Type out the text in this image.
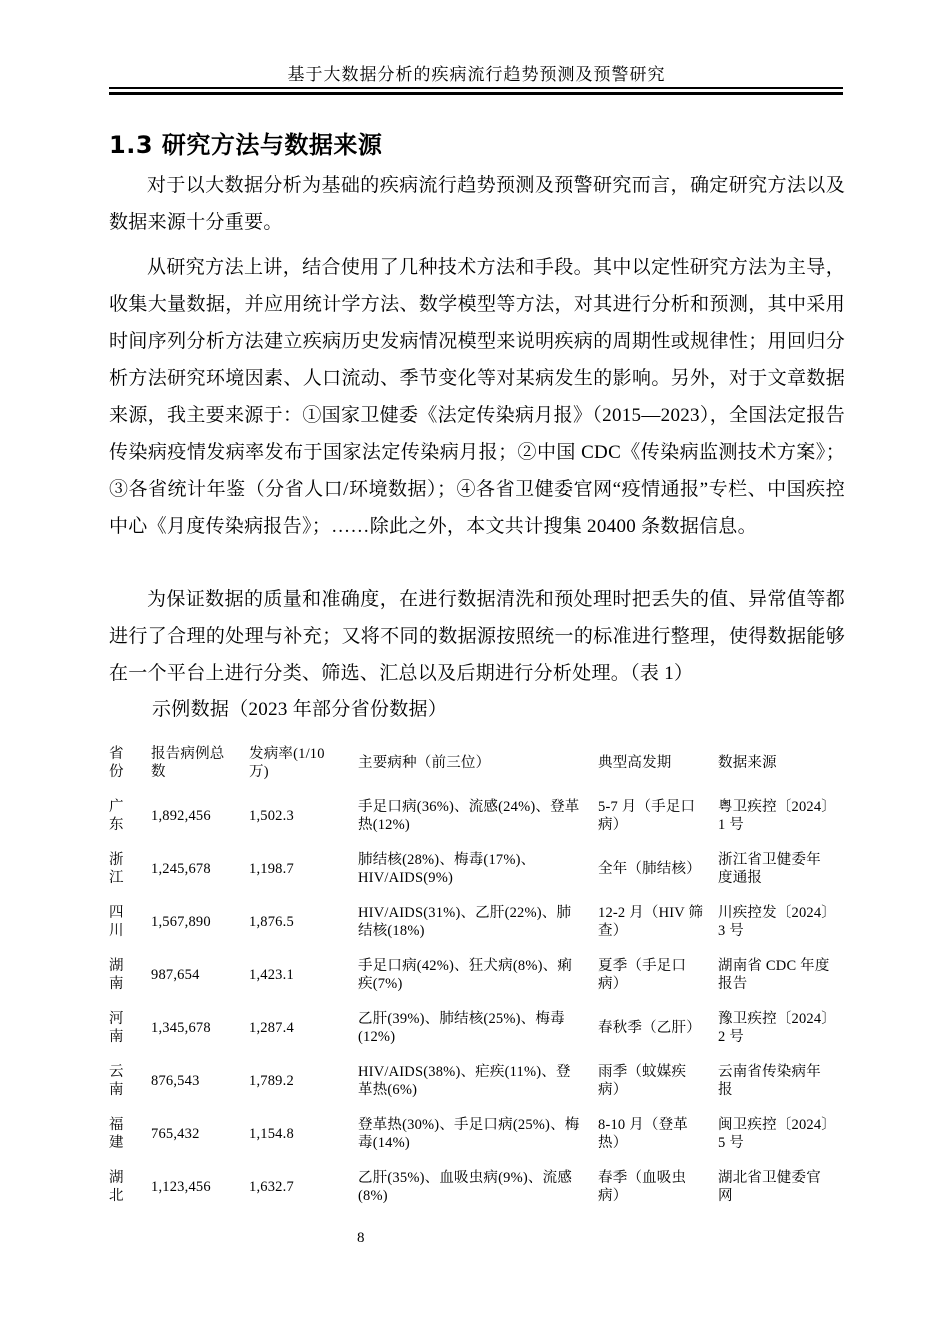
基于大数据分析的疾病流行趋势预测及预警研究
1.3 研究方法与数据来源

对于以大数据分析为基础的疾病流行趋势预测及预警研究而言，确定研究方法以及数据来源十分重要。

从研究方法上讲，结合使用了几种技术方法和手段。其中以定性研究方法为主导，收集大量数据，并应用统计学方法、数学模型等方法，对其进行分析和预测，其中采用时间序列分析方法建立疾病历史发病情况模型来说明疾病的周期性或规律性；用回归分析方法研究环境因素、人口流动、季节变化等对某病发生的影响。另外，对于文章数据来源，我主要来源于：①国家卫健委《法定传染病月报》（2015—2023），全国法定报告传染病疫情发病率发布于国家法定传染病月报；②中国 CDC《传染病监测技术方案》；③各省统计年鉴（分省人口/环境数据）；④各省卫健委官网“疫情通报”专栏、中国疾控中心《月度传染病报告》；……除此之外，本文共计搜集 20400 条数据信息。

为保证数据的质量和准确度，在进行数据清洗和预处理时把丢失的值、异常值等都进行了合理的处理与补充；又将不同的数据源按照统一的标准进行整理，使得数据能够在一个平台上进行分类、筛选、汇总以及后期进行分析处理。（表 1）

示例数据（2023 年部分省份数据）

省份	报告病例总数	发病率(1/10 万)	主要病种（前三位）	典型高发期	数据来源
广东	1,892,456	1,502.3	手足口病(36%)、流感(24%)、登革热(12%)	5-7 月（手足口病）	粤卫疾控〔2024〕1 号
浙江	1,245,678	1,198.7	肺结核(28%)、梅毒(17%)、HIV/AIDS(9%)	全年（肺结核）	浙江省卫健委年度通报
四川	1,567,890	1,876.5	HIV/AIDS(31%)、乙肝(22%)、肺结核(18%)	12-2 月（HIV 筛查）	川疾控发〔2024〕3 号
湖南	987,654	1,423.1	手足口病(42%)、狂犬病(8%)、痢疾(7%)	夏季（手足口病）	湖南省 CDC 年度报告
河南	1,345,678	1,287.4	乙肝(39%)、肺结核(25%)、梅毒(12%)	春秋季（乙肝）	豫卫疾控〔2024〕2 号
云南	876,543	1,789.2	HIV/AIDS(38%)、疟疾(11%)、登革热(6%)	雨季（蚊媒疾病）	云南省传染病年报
福建	765,432	1,154.8	登革热(30%)、手足口病(25%)、梅毒(14%)	8-10 月（登革热）	闽卫疾控〔2024〕5 号
湖北	1,123,456	1,632.7	乙肝(35%)、血吸虫病(9%)、流感(8%)	春季（血吸虫病）	湖北省卫健委官网
8
